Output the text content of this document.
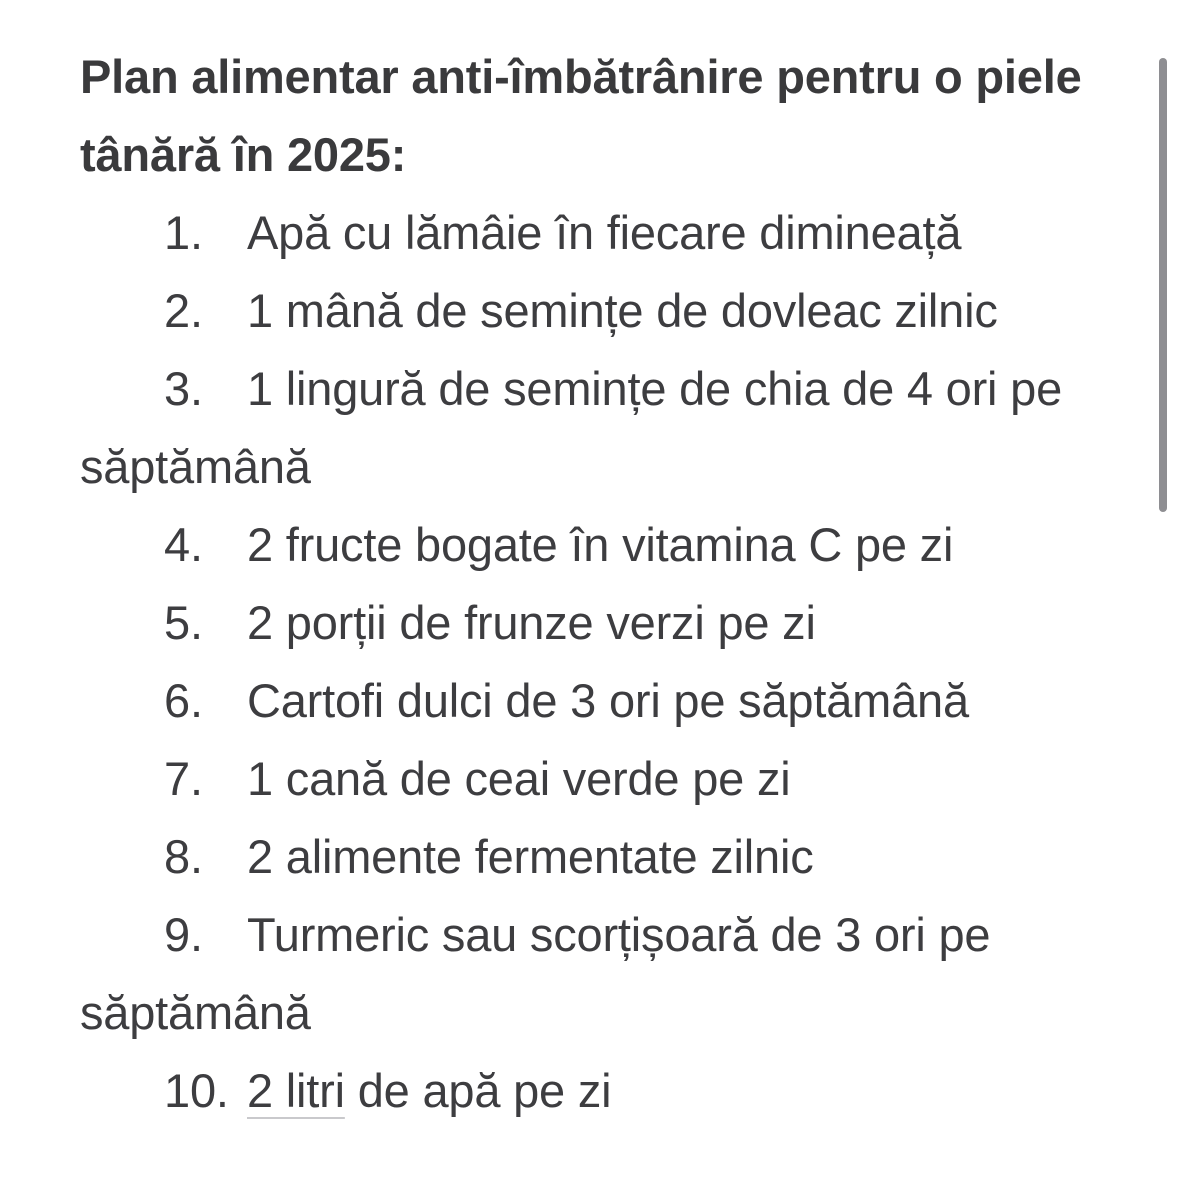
Plan alimentar anti-îmbătrânire pentru o piele tânără în 2025:
1. Apă cu lămâie în fiecare dimineață
2. 1 mână de semințe de dovleac zilnic
3. 1 lingură de semințe de chia de 4 ori pe săptămână
4. 2 fructe bogate în vitamina C pe zi
5. 2 porții de frunze verzi pe zi
6. Cartofi dulci de 3 ori pe săptămână
7. 1 cană de ceai verde pe zi
8. 2 alimente fermentate zilnic
9. Turmeric sau scorțișoară de 3 ori pe săptămână
10. 2 litri de apă pe zi
